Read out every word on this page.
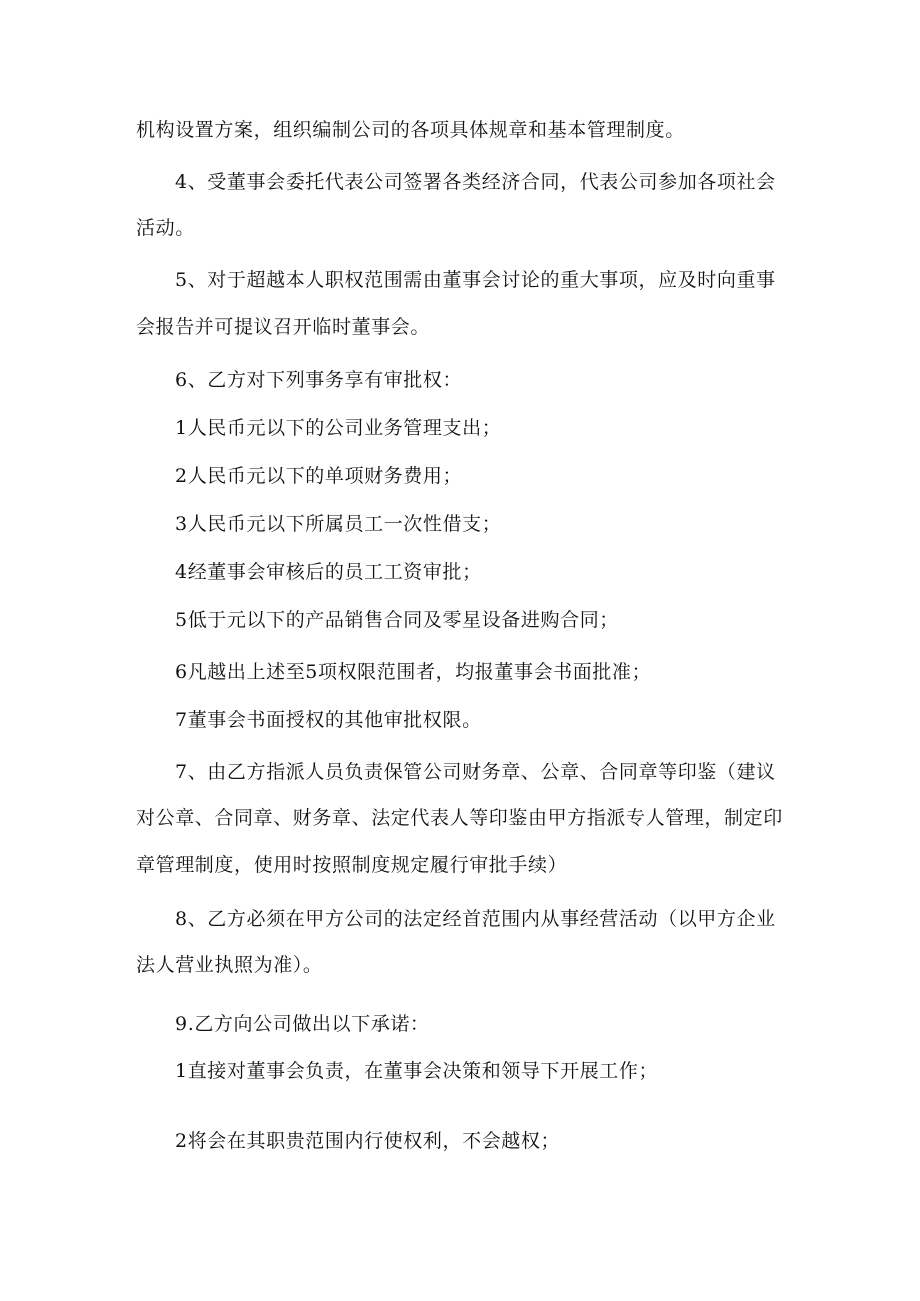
机构设置方案，组织编制公司的各项具体规章和基本管理制度。
4、受董事会委托代表公司签署各类经济合同，代表公司参加各项社会
活动。
5、对于超越本人职权范围需由董事会讨论的重大事项，应及时向重事
会报告并可提议召开临时董事会。
6、乙方对下列事务享有审批权：
1人民币元以下的公司业务管理支出；
2人民币元以下的单项财务费用；
3人民币元以下所属员工一次性借支；
4经董事会审核后的员工工资审批；
5低于元以下的产品销售合同及零星设备进购合同；
6凡越出上述至5项权限范围者，均报董事会书面批准；
7董事会书面授权的其他审批权限。
7、由乙方指派人员负责保管公司财务章、公章、合同章等印鉴（建议
对公章、合同章、财务章、法定代表人等印鉴由甲方指派专人管理，制定印
章管理制度，使用时按照制度规定履行审批手续）
8、乙方必须在甲方公司的法定经首范围内从事经营活动（以甲方企业
法人营业执照为准）。
9.乙方向公司做出以下承诺：
1直接对董事会负责，在董事会决策和领导下开展工作；
2将会在其职贵范围内行使权利，不会越权；
